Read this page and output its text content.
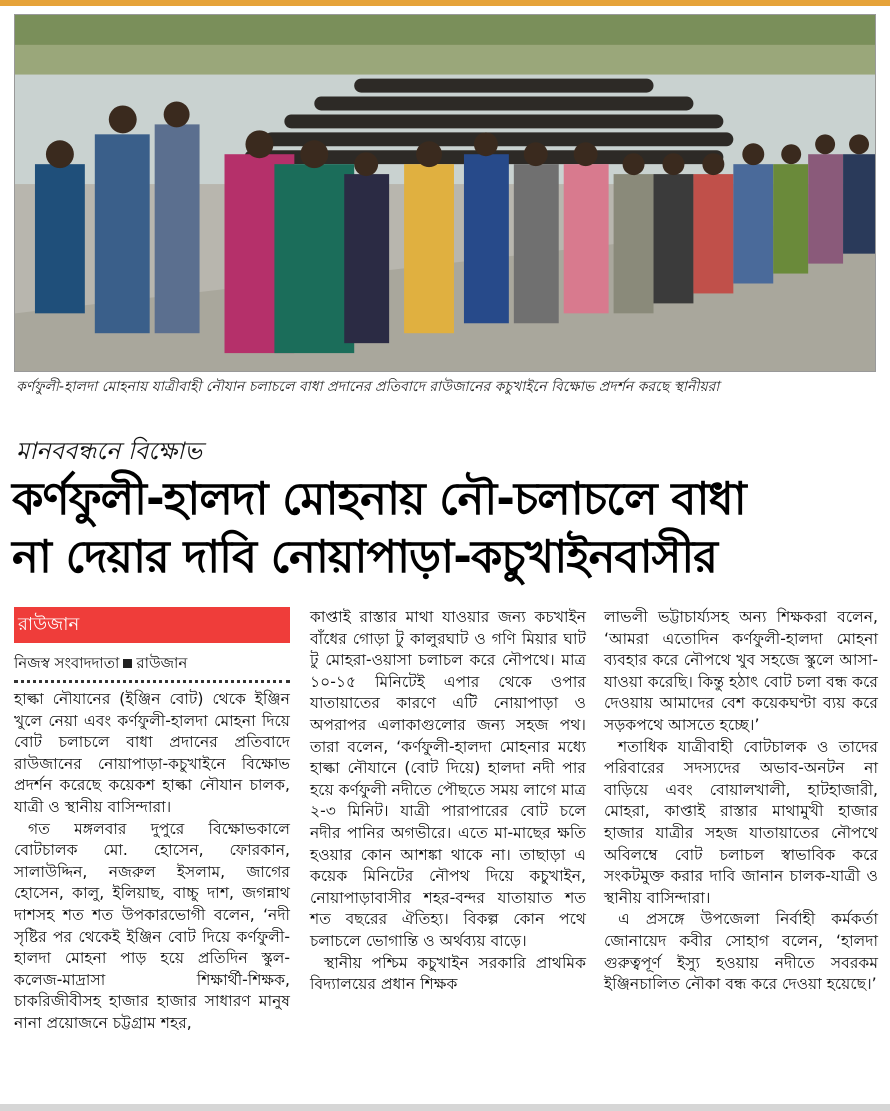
কর্ণফুলী-হালদা মোহনায় যাত্রীবাহী নৌযান চলাচলে বাধা প্রদানের প্রতিবাদে রাউজানের কচুখাইনে বিক্ষোভ প্রদর্শন করছে স্থানীয়রা
মানববন্ধনে বিক্ষোভ
কর্ণফুলী-হালদা মোহনায় নৌ-চলাচলে বাধা
না দেয়ার দাবি নোয়াপাড়া-কচুখাইনবাসীর
রাউজান
নিজস্ব সংবাদদাতা রাউজান

হাল্কা নৌযানের (ইঞ্জিন বোট) থেকে ইঞ্জিন খুলে নেয়া এবং কর্ণফুলী-হালদা মোহনা দিয়ে বোট চলাচলে বাধা প্রদানের প্রতিবাদে রাউজানের নোয়াপাড়া-কচুখাইনে বিক্ষোভ প্রদর্শন করেছে কয়েকশ হাল্কা নৌযান চালক, যাত্রী ও স্থানীয় বাসিন্দারা।

গত মঙ্গলবার দুপুরে বিক্ষোভকালে বোটচালক মো. হোসেন, ফোরকান, সালাউদ্দিন, নজরুল ইসলাম, জাগের হোসেন, কালু, ইলিয়াছ, বাচ্চু দাশ, জগন্নাথ দাশসহ শত শত উপকারভোগী বলেন, ‘নদী সৃষ্টির পর থেকেই ইঞ্জিন বোট দিয়ে কর্ণফুলী-হালদা মোহনা পাড় হয়ে প্রতিদিন স্কুল-কলেজ-মাদ্রাসা শিক্ষার্থী-শিক্ষক, চাকরিজীবীসহ হাজার হাজার সাধারণ মানুষ নানা প্রয়োজনে চট্টগ্রাম শহর,

কাপ্তাই রাস্তার মাথা যাওয়ার জন্য কচখাইন বাঁধের গোড়া টু কালুরঘাট ও গণি মিয়ার ঘাট টু মোহরা-ওয়াসা চলাচল করে নৌপথে। মাত্র ১০-১৫ মিনিটেই এপার থেকে ওপার যাতায়াতের কারণে এটি নোয়াপাড়া ও অপরাপর এলাকাগুলোর জন্য সহজ পথ। তারা বলেন, ‘কর্ণফুলী-হালদা মোহনার মধ্যে হাল্কা নৌযানে (বোট দিয়ে) হালদা নদী পার হয়ে কর্ণফুলী নদীতে পৌছতে সময় লাগে মাত্র ২-৩ মিনিট। যাত্রী পারাপারের বোট চলে নদীর পানির অগভীরে। এতে মা-মাছের ক্ষতি হওয়ার কোন আশঙ্কা থাকে না। তাছাড়া এ কয়েক মিনিটের নৌপথ দিয়ে কচুখাইন, নোয়াপাড়াবাসীর শহর-বন্দর যাতায়াত শত শত বছরের ঐতিহ্য। বিকল্প কোন পথে চলাচলে ভোগান্তি ও অর্থব্যয় বাড়ে।

স্থানীয় পশ্চিম কচুখাইন সরকারি প্রাথমিক বিদ্যালয়ের প্রধান শিক্ষক

লাভলী ভট্টাচার্য্যসহ অন্য শিক্ষকরা বলেন, ‘আমরা এতোদিন কর্ণফুলী-হালদা মোহনা ব্যবহার করে নৌপথে খুব সহজে স্কুলে আসা-যাওয়া করেছি। কিন্তু হঠাৎ বোট চলা বন্ধ করে দেওয়ায় আমাদের বেশ কয়েকঘণ্টা ব্যয় করে সড়কপথে আসতে হচ্ছে।’

শতাধিক যাত্রীবাহী বোটচালক ও তাদের পরিবারের সদস্যদের অভাব-অনটন না বাড়িয়ে এবং বোয়ালখালী, হাটহাজারী, মোহরা, কাপ্তাই রাস্তার মাথামুখী হাজার হাজার যাত্রীর সহজ যাতায়াতের নৌপথে অবিলম্বে বোট চলাচল স্বাভাবিক করে সংকটমুক্ত করার দাবি জানান চালক-যাত্রী ও স্থানীয় বাসিন্দারা।

এ প্রসঙ্গে উপজেলা নির্বাহী কর্মকর্তা জোনায়েদ কবীর সোহাগ বলেন, ‘হালদা গুরুত্বপূর্ণ ইস্যু হওয়ায় নদীতে সবরকম ইঞ্জিনচালিত নৌকা বন্ধ করে দেওয়া হয়েছে।’
